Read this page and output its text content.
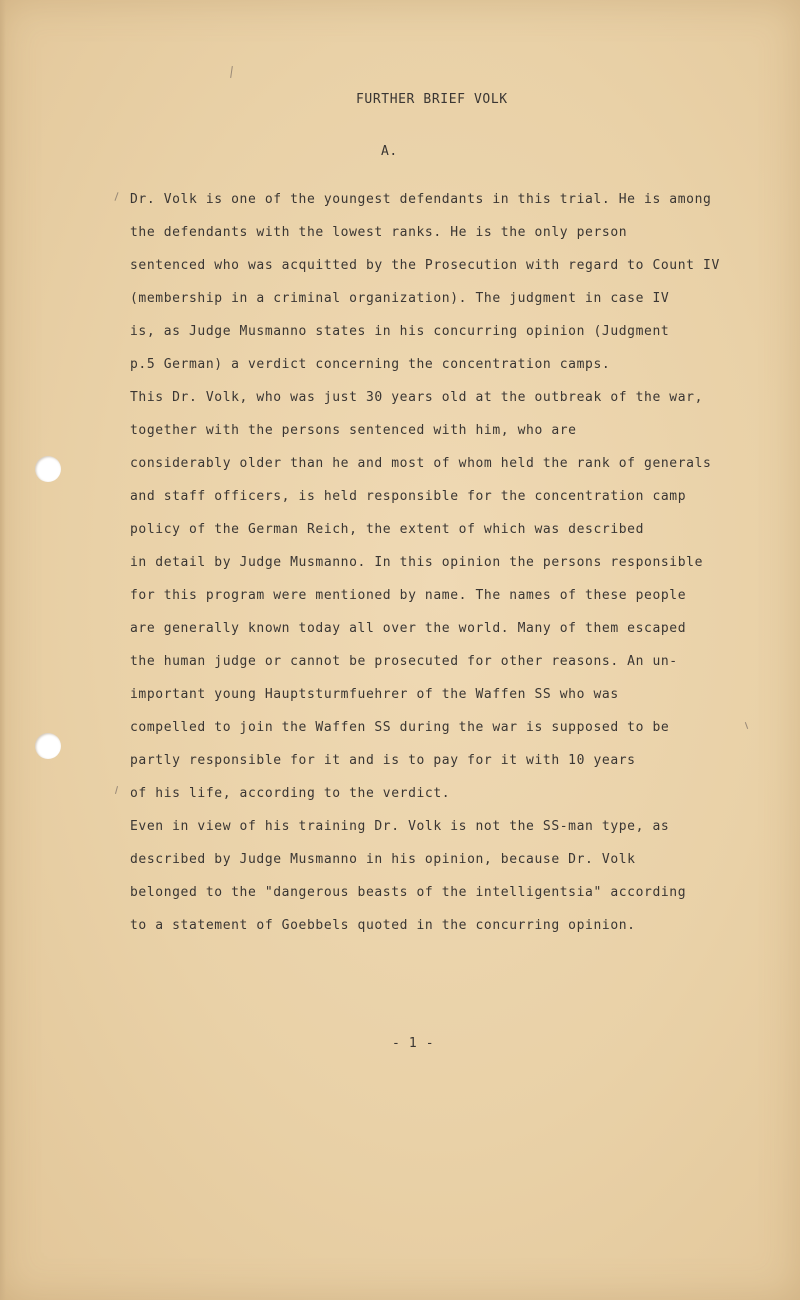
FURTHER BRIEF VOLK
A.
Dr. Volk is one of the youngest defendants in this trial. He is among
the defendants with the lowest ranks. He is the only person
sentenced who was acquitted by the Prosecution with regard to Count IV
(membership in a criminal organization). The judgment in case IV
is, as Judge Musmanno states in his concurring opinion (Judgment
p.5 German) a verdict concerning the concentration camps.
This Dr. Volk, who was just 30 years old at the outbreak of the war,
together with the persons sentenced with him, who are
considerably older than he and most of whom held the rank of generals
and staff officers, is held responsible for the concentration camp
policy of the German Reich, the extent of which was described
in detail by Judge Musmanno. In this opinion the persons responsible
for this program were mentioned by name. The names of these people
are generally known today all over the world. Many of them escaped
the human judge or cannot be prosecuted for other reasons. An un-
important young Hauptsturmfuehrer of the Waffen SS who was
compelled to join the Waffen SS during the war is supposed to be
partly responsible for it and is to pay for it with 10 years
of his life, according to the verdict.
Even in view of his training Dr. Volk is not the SS-man type, as
described by Judge Musmanno in his opinion, because Dr. Volk
belonged to the "dangerous beasts of the intelligentsia" according
to a statement of Goebbels quoted in the concurring opinion.
- 1 -
